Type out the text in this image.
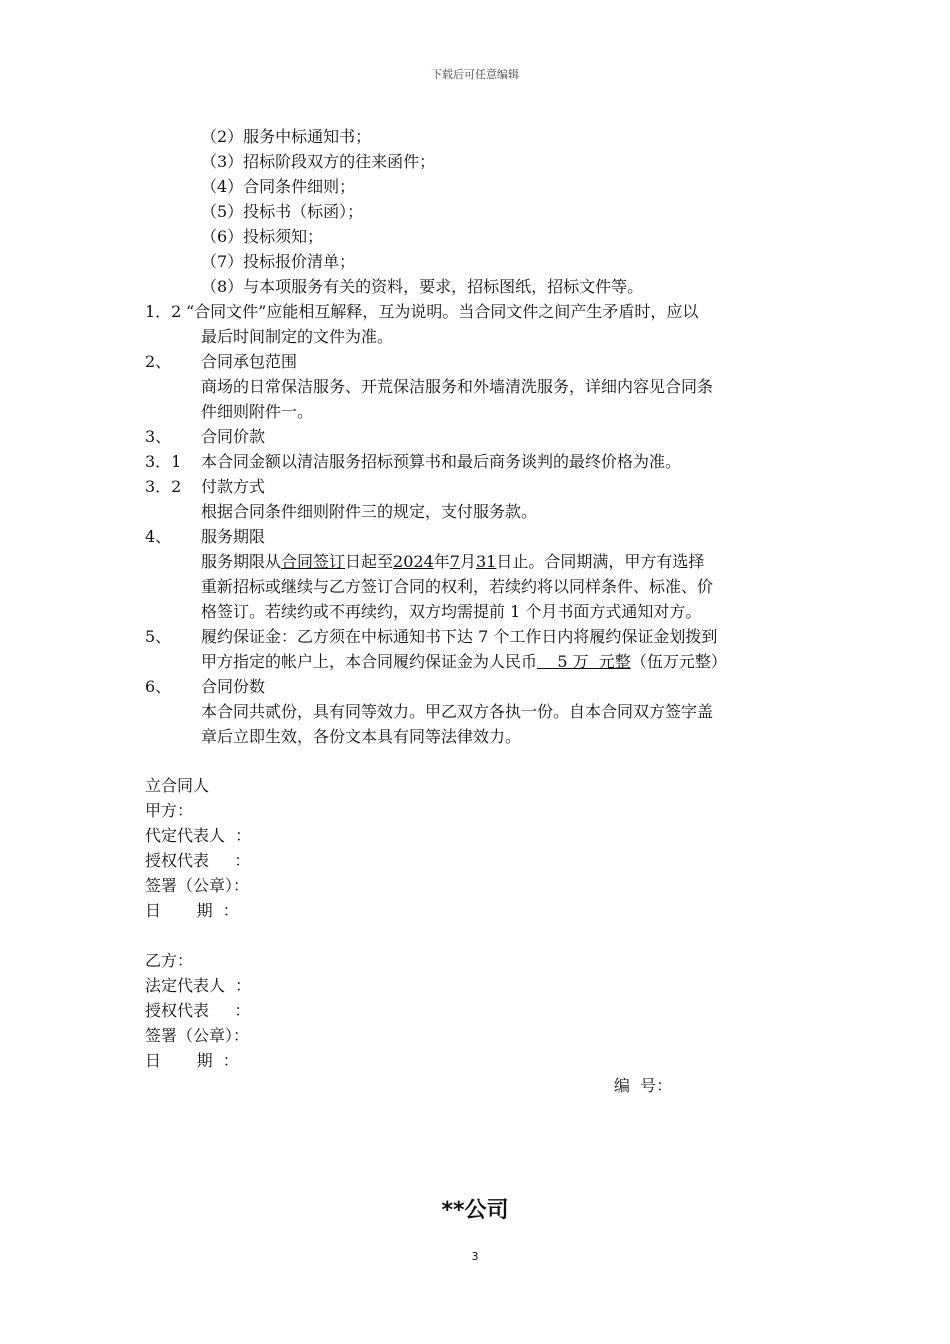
下载后可任意编辑
（2）服务中标通知书；
（3）招标阶段双方的往来函件；
（4）合同条件细则；
（5）投标书（标函）；
（6）投标须知；
（7）投标报价清单；
（8）与本项服务有关的资料，要求，招标图纸，招标文件等。
1．2 “合同文件”应能相互解释，互为说明。当合同文件之间产生矛盾时，应以
最后时间制定的文件为准。
2、 合同承包范围
商场的日常保洁服务、开荒保洁服务和外墙清洗服务，详细内容见合同条
件细则附件一。
3、 合同价款
3．1 本合同金额以清洁服务招标预算书和最后商务谈判的最终价格为准。
3．2 付款方式
根据合同条件细则附件三的规定，支付服务款。
4、 服务期限
服务期限从合同签订日起至2024年7月31日止。合同期满，甲方有选择
重新招标或继续与乙方签订合同的权利，若续约将以同样条件、标准、价
格签订。若续约或不再续约，双方均需提前 1 个月书面方式通知对方。
5、 履约保证金：乙方须在中标通知书下达 7 个工作日内将履约保证金划拨到
甲方指定的帐户上，本合同履约保证金为人民币    5 万  元整（伍万元整）
6、 合同份数
本合同共贰份，具有同等效力。甲乙双方各执一份。自本合同双方签字盖
章后立即生效，各份文本具有同等法律效力。
立合同人
甲方：
代定代表人  ：
授权代表     ：
签署（公章）：
日       期  ：
乙方：
法定代表人  ：
授权代表     ：
签署（公章）：
日       期  ：
编  号：
**公司
3
